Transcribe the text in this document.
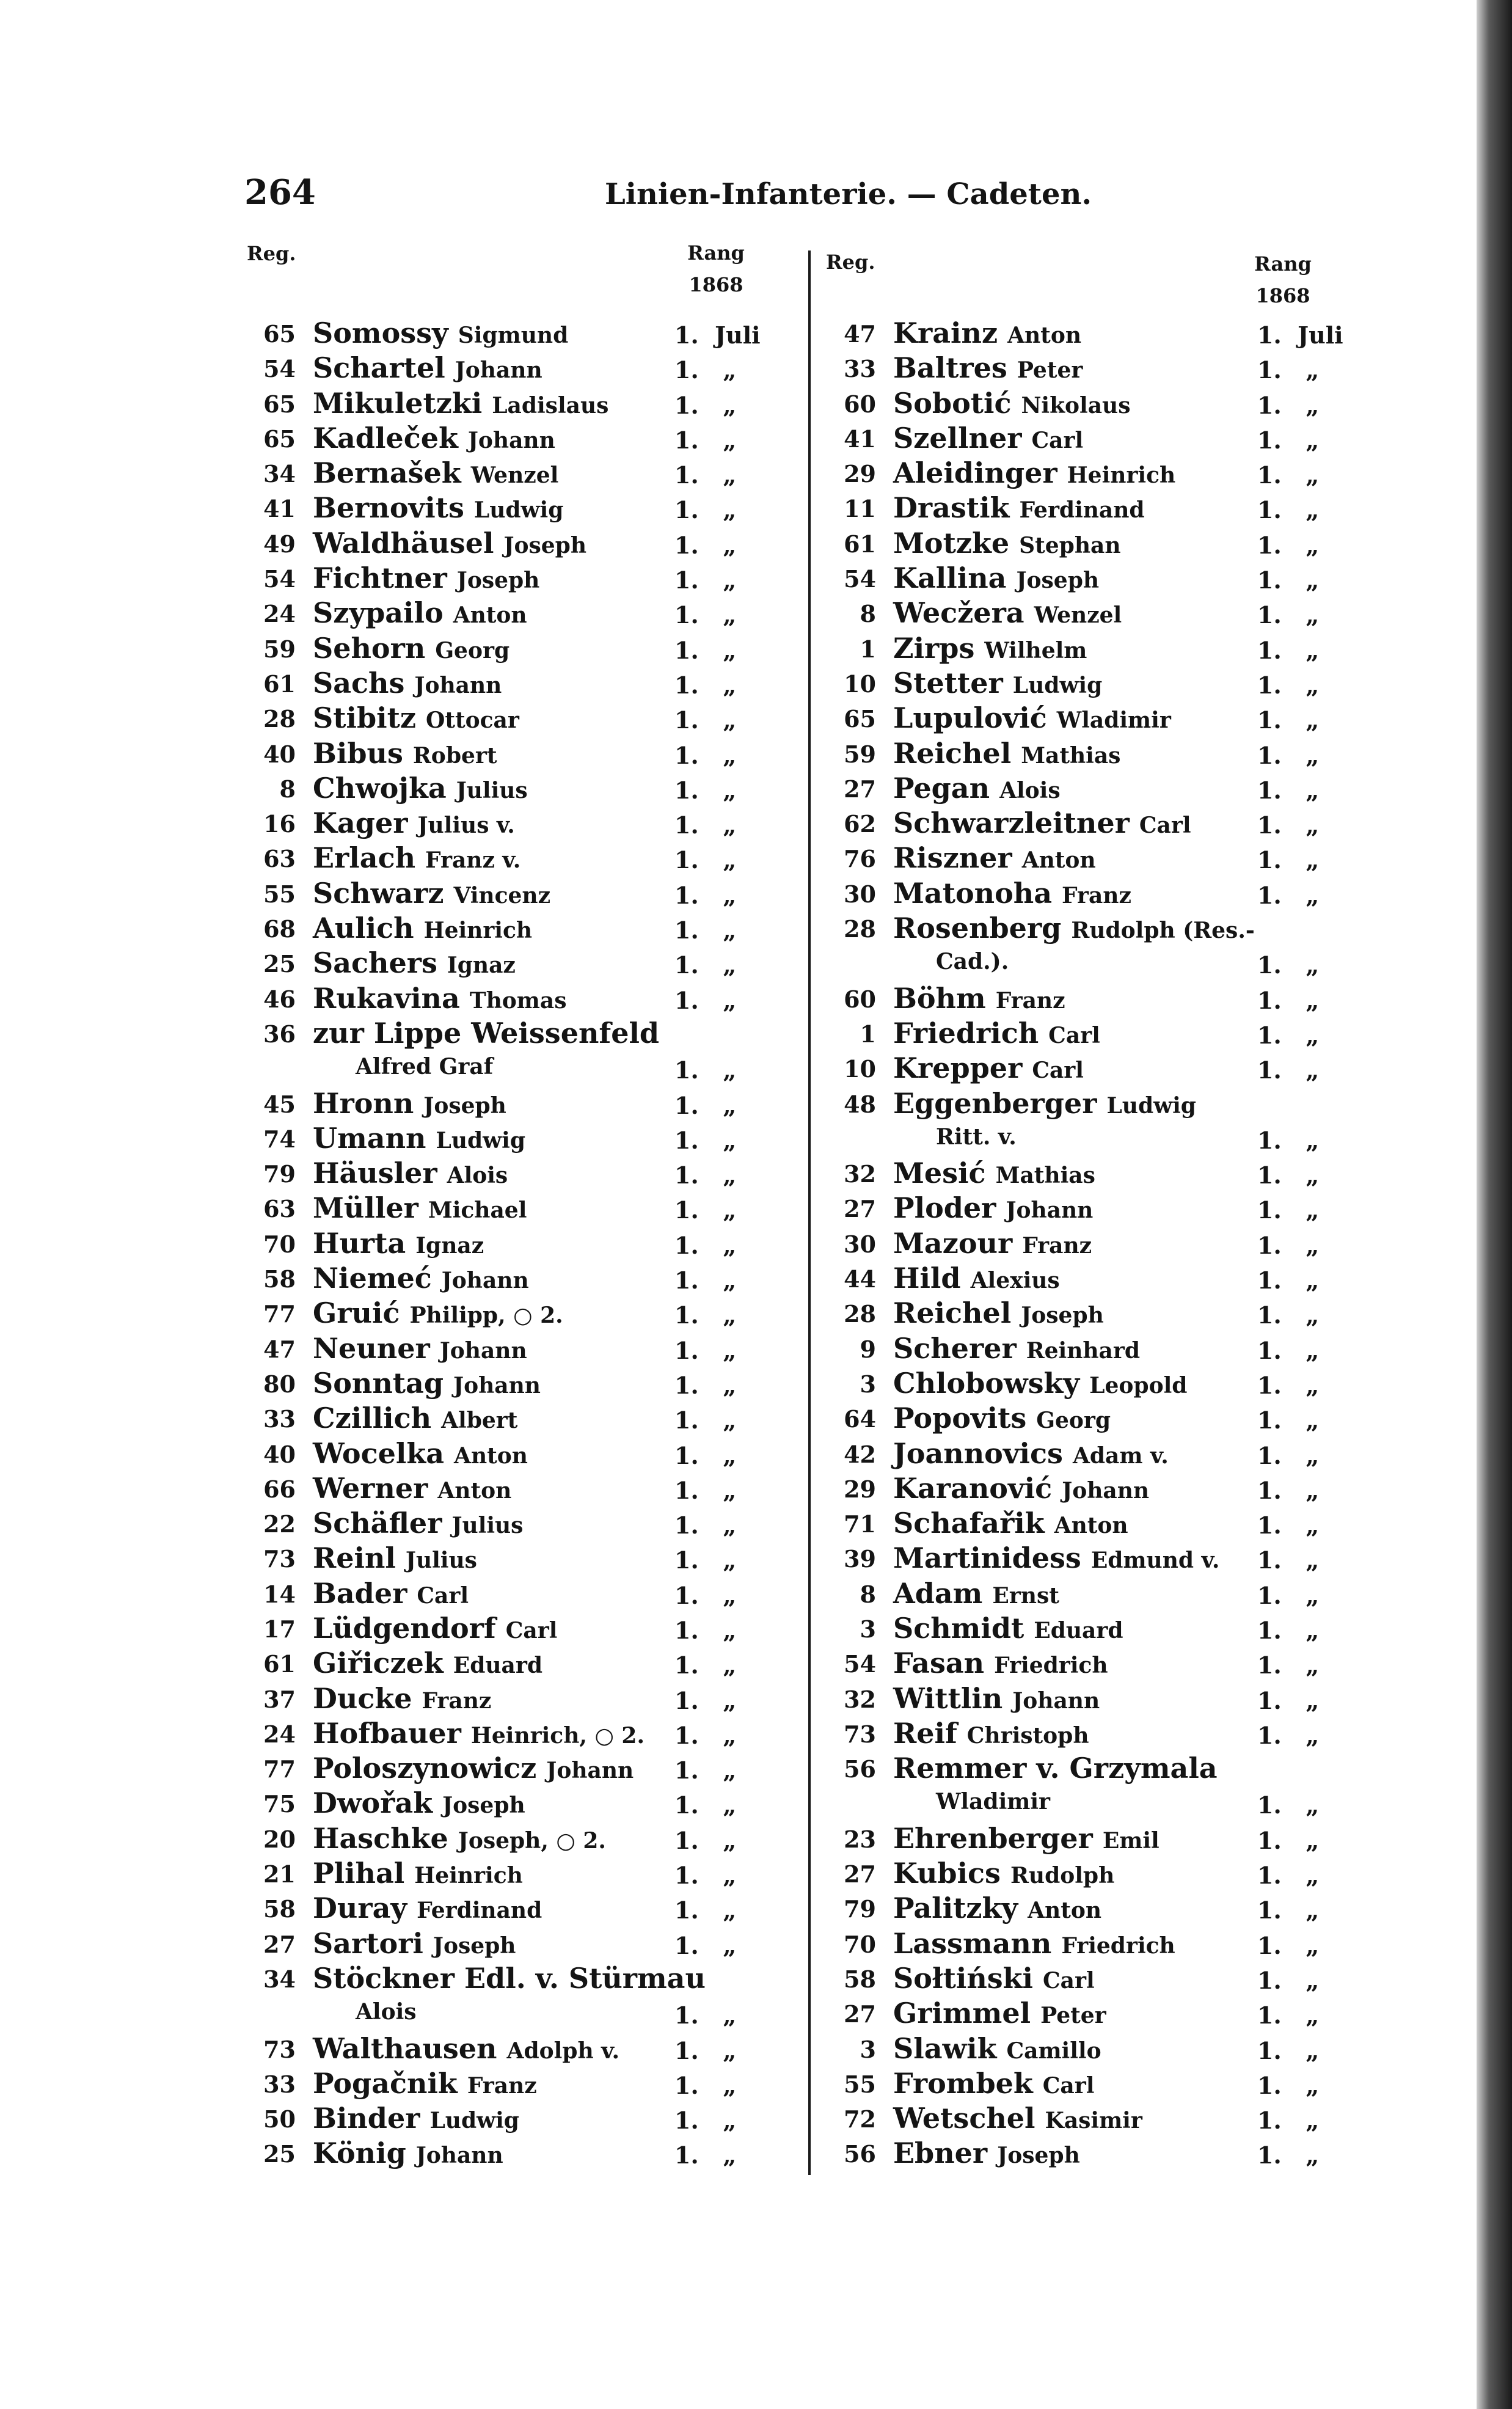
264	Linien-Infanterie. — Cadeten.
Reg.	Rang
1868
65 Somossy Sigmund	1.  Juli
54 Schartel Johann	1.   „
65 Mikuletzki Ladislaus	1.   „
65 Kadleček Johann	1.   „
34 Bernašek Wenzel	1.   „
41 Bernovits Ludwig	1.   „
49 Waldhäusel Joseph	1.   „
54 Fichtner Joseph	1.   „
24 Szypailo Anton	1.   „
59 Sehorn Georg	1.   „
61 Sachs Johann	1.   „
28 Stibitz Ottocar	1.   „
40 Bibus Robert	1.   „
8 Chwojka Julius	1.   „
16 Kager Julius v.	1.   „
63 Erlach Franz v.	1.   „
55 Schwarz Vincenz	1.   „
68 Aulich Heinrich	1.   „
25 Sachers Ignaz	1.   „
46 Rukavina Thomas	1.   „
36 zur Lippe Weissenfeld
Alfred Graf	1.   „
45 Hronn Joseph	1.   „
74 Umann Ludwig	1.   „
79 Häusler Alois	1.   „
63 Müller Michael	1.   „
70 Hurta Ignaz	1.   „
58 Niemeć Johann	1.   „
77 Gruić Philipp, ○ 2.	1.   „
47 Neuner Johann	1.   „
80 Sonntag Johann	1.   „
33 Czillich Albert	1.   „
40 Wocelka Anton	1.   „
66 Werner Anton	1.   „
22 Schäfler Julius	1.   „
73 Reinl Julius	1.   „
14 Bader Carl	1.   „
17 Lüdgendorf Carl	1.   „
61 Giřiczek Eduard	1.   „
37 Ducke Franz	1.   „
24 Hofbauer Heinrich, ○ 2. 1.   „
77 Poloszynowicz Johann 1.   „
75 Dwořak Joseph	1.   „
20 Haschke Joseph, ○ 2.	1.   „
21 Plihal Heinrich	1.   „
58 Duray Ferdinand	1.   „
27 Sartori Joseph	1.   „
34 Stöckner Edl. v. Stürmau
Alois	1.   „
73 Walthausen Adolph v. 1.   „
33 Pogačnik Franz	1.   „
50 Binder Ludwig	1.   „
25 König Johann	1.   „
Reg.	Rang
1868
47 Krainz Anton	1.  Juli
33 Baltres Peter	1.   „
60 Sobotić Nikolaus	1.   „
41 Szellner Carl	1.   „
29 Aleidinger Heinrich	1.   „
11 Drastik Ferdinand	1.   „
61 Motzke Stephan	1.   „
54 Kallina Joseph	1.   „
8 Wecžera Wenzel	1.   „
1 Zirps Wilhelm	1.   „
10 Stetter Ludwig	1.   „
65 Lupulović Wladimir	1.   „
59 Reichel Mathias	1.   „
27 Pegan Alois	1.   „
62 Schwarzleitner Carl	1.   „
76 Riszner Anton	1.   „
30 Matonoha Franz	1.   „
28 Rosenberg Rudolph (Res.-
Cad.).	1.   „
60 Böhm Franz	1.   „
1 Friedrich Carl	1.   „
10 Krepper Carl	1.   „
48 Eggenberger Ludwig
Ritt. v.	1.   „
32 Mesić Mathias	1.   „
27 Ploder Johann	1.   „
30 Mazour Franz	1.   „
44 Hild Alexius	1.   „
28 Reichel Joseph	1.   „
9 Scherer Reinhard	1.   „
3 Chlobowsky Leopold	1.   „
64 Popovits Georg	1.   „
42 Joannovics Adam v.	1.   „
29 Karanović Johann	1.   „
71 Schafařik Anton	1.   „
39 Martinidess Edmund v. 1.   „
8 Adam Ernst	1.   „
3 Schmidt Eduard	1.   „
54 Fasan Friedrich	1.   „
32 Wittlin Johann	1.   „
73 Reif Christoph	1.   „
56 Remmer v. Grzymala
Wladimir	1.   „
23 Ehrenberger Emil	1.   „
27 Kubics Rudolph	1.   „
79 Palitzky Anton	1.   „
70 Lassmann Friedrich	1.   „
58 Sołtiński Carl	1.   „
27 Grimmel Peter	1.   „
3 Slawik Camillo	1.   „
55 Frombek Carl	1.   „
72 Wetschel Kasimir	1.   „
56 Ebner Joseph	1.   „
